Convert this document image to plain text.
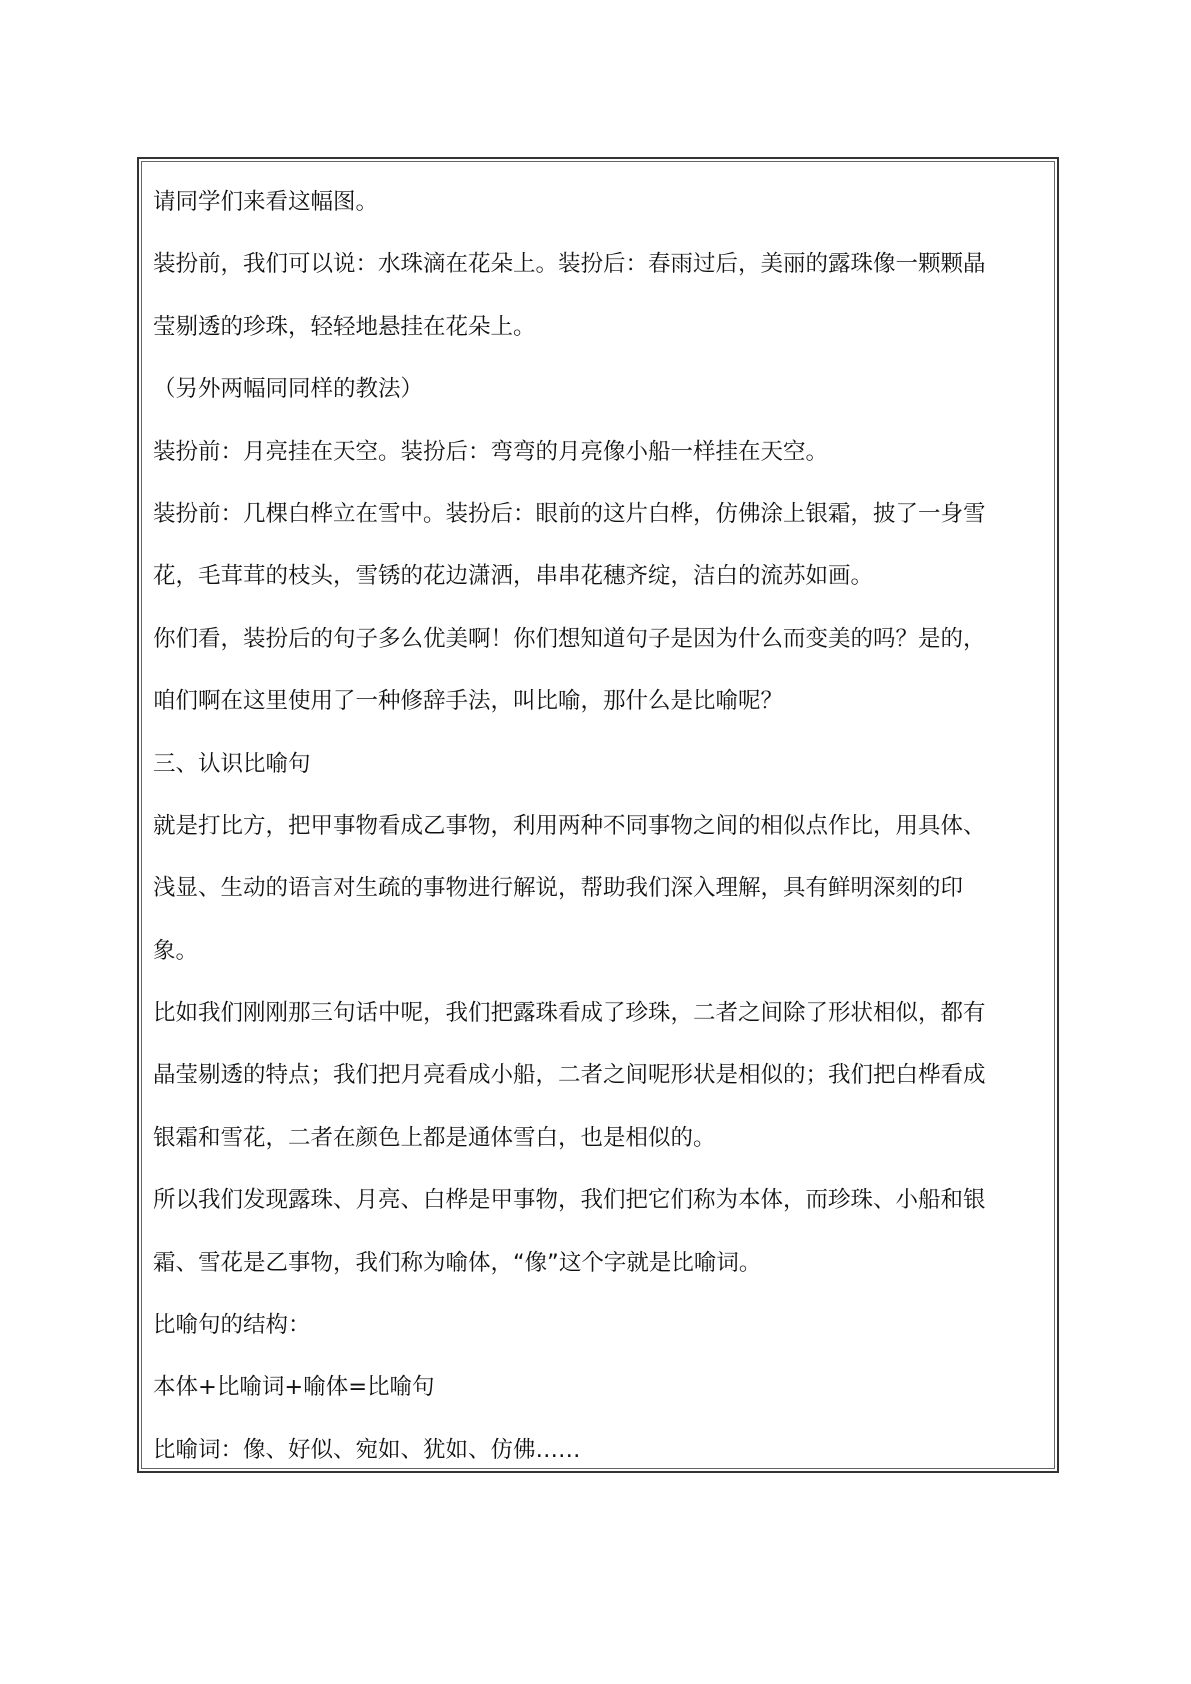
请同学们来看这幅图。
装扮前，我们可以说：水珠滴在花朵上。装扮后：春雨过后，美丽的露珠像一颗颗晶
莹剔透的珍珠，轻轻地悬挂在花朵上。
（另外两幅同同样的教法）
装扮前：月亮挂在天空。装扮后：弯弯的月亮像小船一样挂在天空。
装扮前：几棵白桦立在雪中。装扮后：眼前的这片白桦，仿佛涂上银霜，披了一身雪
花，毛茸茸的枝头，雪锈的花边潇洒，串串花穗齐绽，洁白的流苏如画。
你们看，装扮后的句子多么优美啊！你们想知道句子是因为什么而变美的吗？是的，
咱们啊在这里使用了一种修辞手法，叫比喻，那什么是比喻呢？
三、认识比喻句
就是打比方，把甲事物看成乙事物，利用两种不同事物之间的相似点作比，用具体、
浅显、生动的语言对生疏的事物进行解说，帮助我们深入理解，具有鲜明深刻的印
象。
比如我们刚刚那三句话中呢，我们把露珠看成了珍珠，二者之间除了形状相似，都有
晶莹剔透的特点；我们把月亮看成小船，二者之间呢形状是相似的；我们把白桦看成
银霜和雪花，二者在颜色上都是通体雪白，也是相似的。
所以我们发现露珠、月亮、白桦是甲事物，我们把它们称为本体，而珍珠、小船和银
霜、雪花是乙事物，我们称为喻体，“像”这个字就是比喻词。
比喻句的结构：
本体+比喻词+喻体=比喻句
比喻词：像、好似、宛如、犹如、仿佛……
